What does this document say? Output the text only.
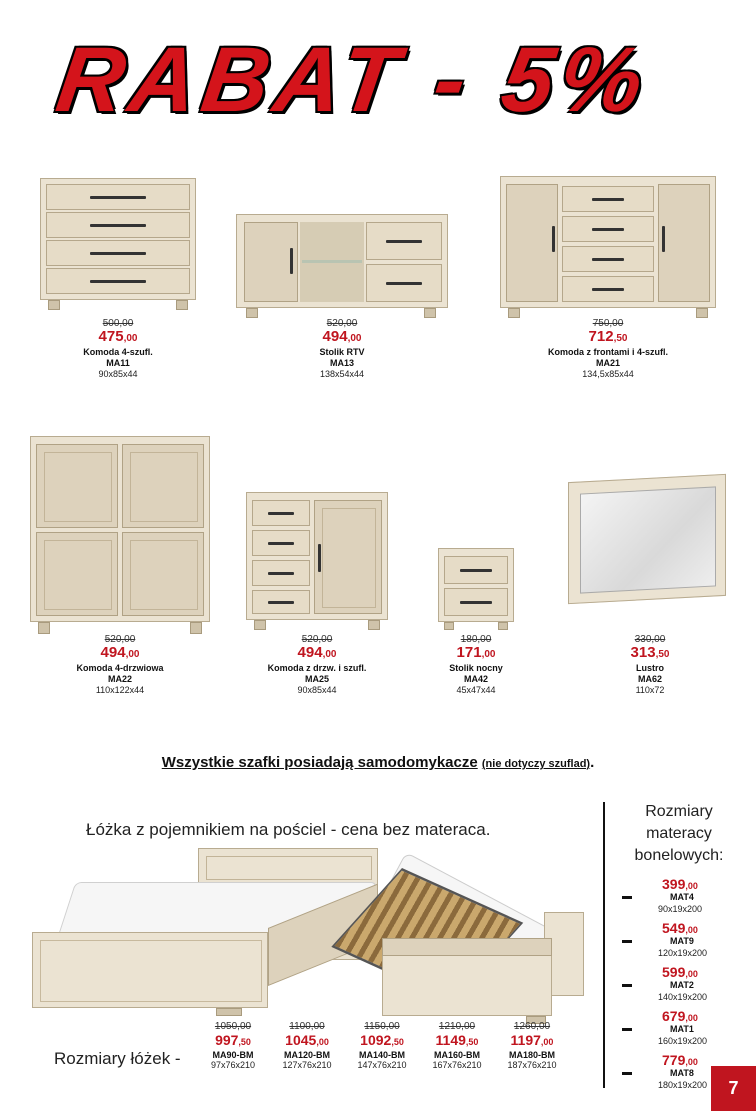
RABAT - 5%
500,00
475,00
Komoda 4-szufl.
MA11
90x85x44
520,00
494,00
Stolik RTV
MA13
138x54x44
750,00
712,50
Komoda z frontami i 4-szufl.
MA21
134,5x85x44
520,00
494,00
Komoda 4-drzwiowa
MA22
110x122x44
520,00
494,00
Komoda z drzw. i szufl.
MA25
90x85x44
180,00
171,00
Stolik nocny
MA42
45x47x44
330,00
313,50
Lustro
MA62
110x72
Wszystkie szafki posiadają samodomykacze (nie dotyczy szuflad).
Łóżka z pojemnikiem na pościel - cena bez materaca.
1050,00
997,50
MA90-BM
97x76x210
1100,00
1045,00
MA120-BM
127x76x210
1150,00
1092,50
MA140-BM
147x76x210
1210,00
1149,50
MA160-BM
167x76x210
1260,00
1197,00
MA180-BM
187x76x210
Rozmiary łóżek -
Rozmiary
materacy
bonelowych:
399,00
MAT4
90x19x200
549,00
MAT9
120x19x200
599,00
MAT2
140x19x200
679,00
MAT1
160x19x200
779,00
MAT8
180x19x200	7
